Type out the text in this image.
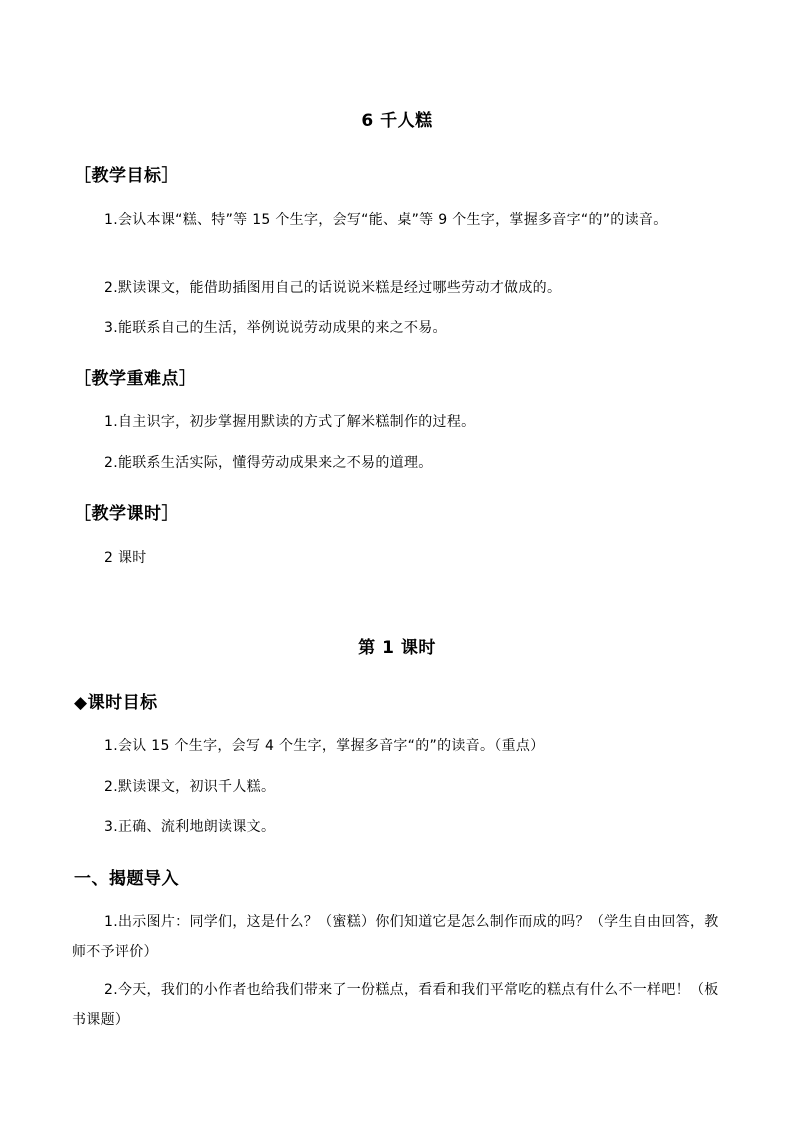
6 千人糕
［教学目标］
1.会认本课“糕、特”等 15 个生字，会写“能、桌”等 9 个生字，掌握多音字“的”的读音。
2.默读课文，能借助插图用自己的话说说米糕是经过哪些劳动才做成的。
3.能联系自己的生活，举例说说劳动成果的来之不易。
［教学重难点］
1.自主识字，初步掌握用默读的方式了解米糕制作的过程。
2.能联系生活实际，懂得劳动成果来之不易的道理。
［教学课时］
2 课时
第 1 课时
◆课时目标
1.会认 15 个生字，会写 4 个生字，掌握多音字“的”的读音。（重点）
2.默读课文，初识千人糕。
3.正确、流利地朗读课文。
一、揭题导入
1.出示图片：同学们，这是什么？（蜜糕）你们知道它是怎么制作而成的吗？（学生自由回答，教师不予评价）
2.今天，我们的小作者也给我们带来了一份糕点，看看和我们平常吃的糕点有什么不一样吧！（板书课题）
